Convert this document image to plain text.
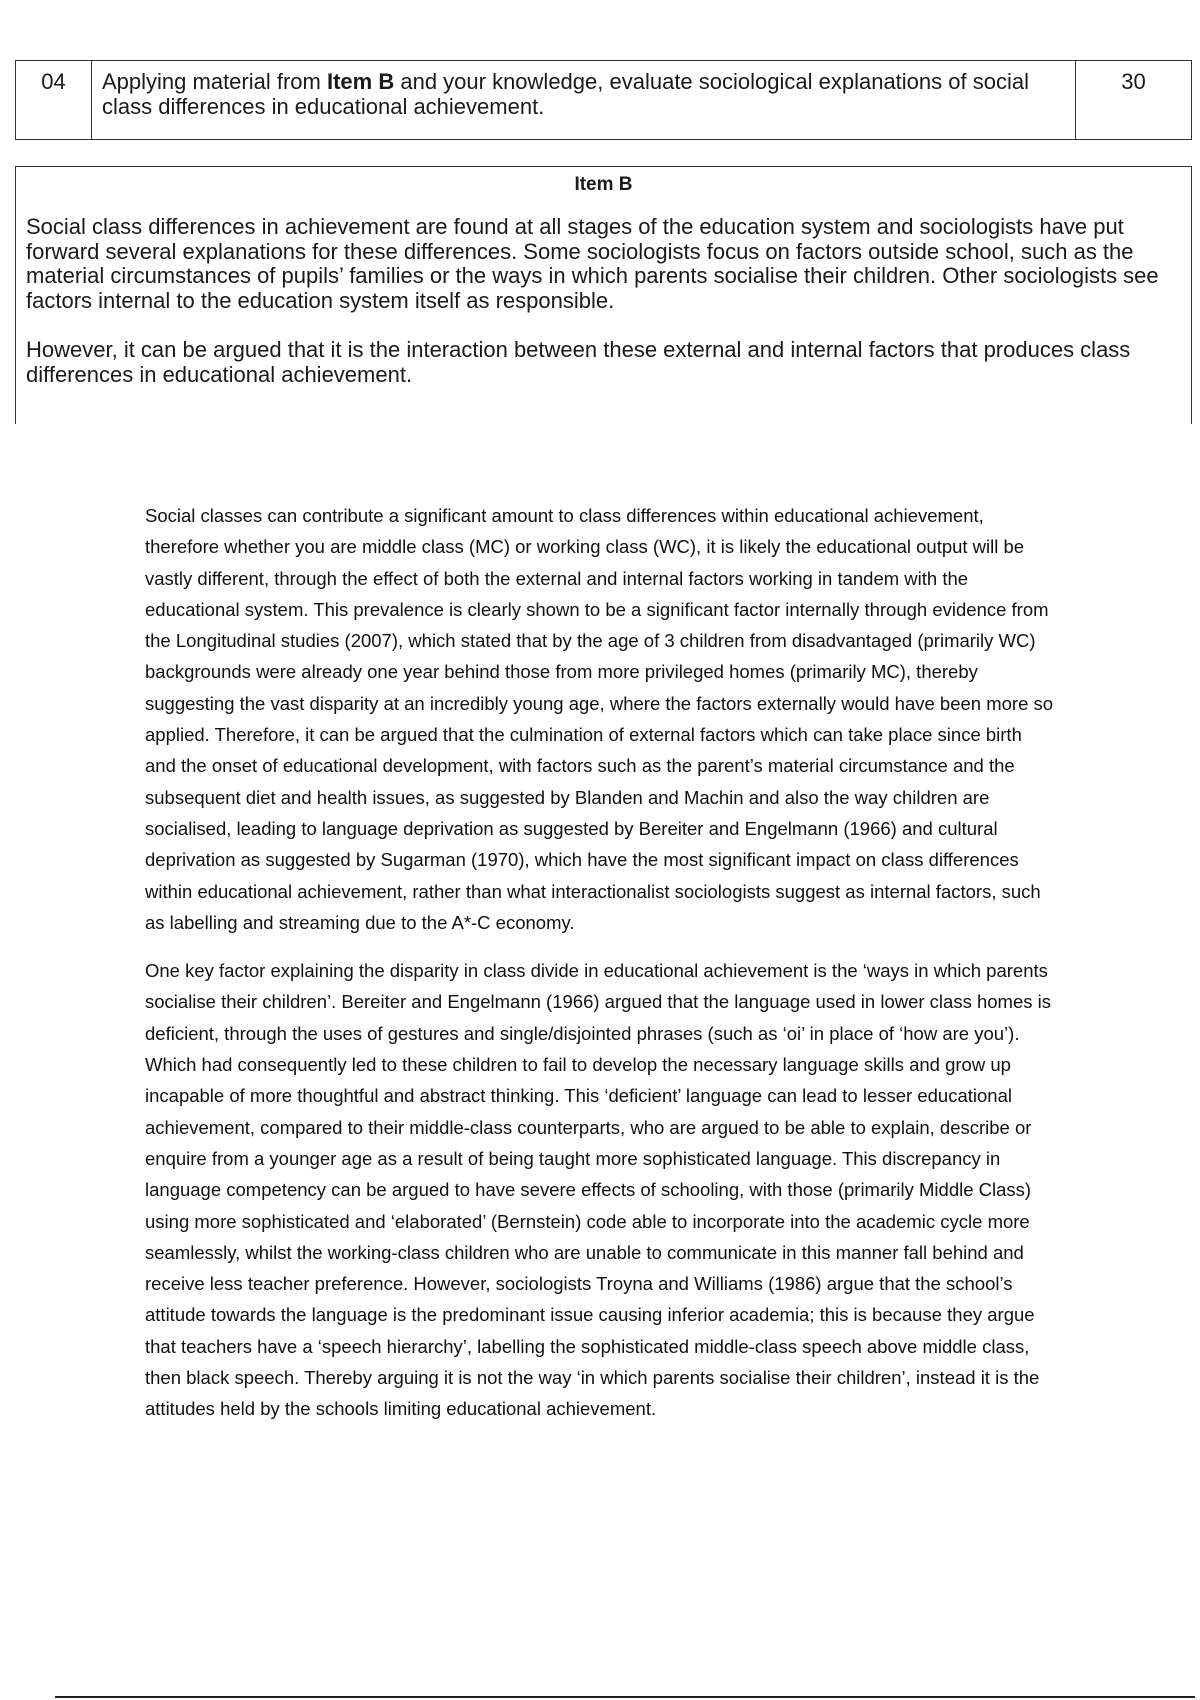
04	Applying material from Item B and your knowledge, evaluate sociological explanations of social class differences in educational achievement.
30
Item B

Social class differences in achievement are found at all stages of the education system and sociologists have put forward several explanations for these differences. Some sociologists focus on factors outside school, such as the material circumstances of pupils’ families or the ways in which parents socialise their children. Other sociologists see factors internal to the education system itself as responsible.

However, it can be argued that it is the interaction between these external and internal factors that produces class differences in educational achievement.

Social classes can contribute a significant amount to class differences within educational achievement, therefore whether you are middle class (MC) or working class (WC), it is likely the educational output will be vastly different, through the effect of both the external and internal factors working in tandem with the educational system. This prevalence is clearly shown to be a significant factor internally through evidence from the Longitudinal studies (2007), which stated that by the age of 3 children from disadvantaged (primarily WC) backgrounds were already one year behind those from more privileged homes (primarily MC), thereby suggesting the vast disparity at an incredibly young age, where the factors externally would have been more so applied. Therefore, it can be argued that the culmination of external factors which can take place since birth and the onset of educational development, with factors such as the parent’s material circumstance and the subsequent diet and health issues, as suggested by Blanden and Machin and also the way children are socialised, leading to language deprivation as suggested by Bereiter and Engelmann (1966) and cultural deprivation as suggested by Sugarman (1970), which have the most significant impact on class differences within educational achievement, rather than what interactionalist sociologists suggest as internal factors, such as labelling and streaming due to the A*-C economy.

One key factor explaining the disparity in class divide in educational achievement is the ‘ways in which parents socialise their children’. Bereiter and Engelmann (1966) argued that the language used in lower class homes is deficient, through the uses of gestures and single/disjointed phrases (such as ‘oi’ in place of ‘how are you’). Which had consequently led to these children to fail to develop the necessary language skills and grow up incapable of more thoughtful and abstract thinking. This ‘deficient’ language can lead to lesser educational achievement, compared to their middle-class counterparts, who are argued to be able to explain, describe or enquire from a younger age as a result of being taught more sophisticated language. This discrepancy in language competency can be argued to have severe effects of schooling, with those (primarily Middle Class) using more sophisticated and ‘elaborated’ (Bernstein) code able to incorporate into the academic cycle more seamlessly, whilst the working-class children who are unable to communicate in this manner fall behind and receive less teacher preference. However, sociologists Troyna and Williams (1986) argue that the school’s attitude towards the language is the predominant issue causing inferior academia; this is because they argue that teachers have a ‘speech hierarchy’, labelling the sophisticated middle-class speech above middle class, then black speech. Thereby arguing it is not the way ‘in which parents socialise their children’, instead it is the attitudes held by the schools limiting educational achievement.
